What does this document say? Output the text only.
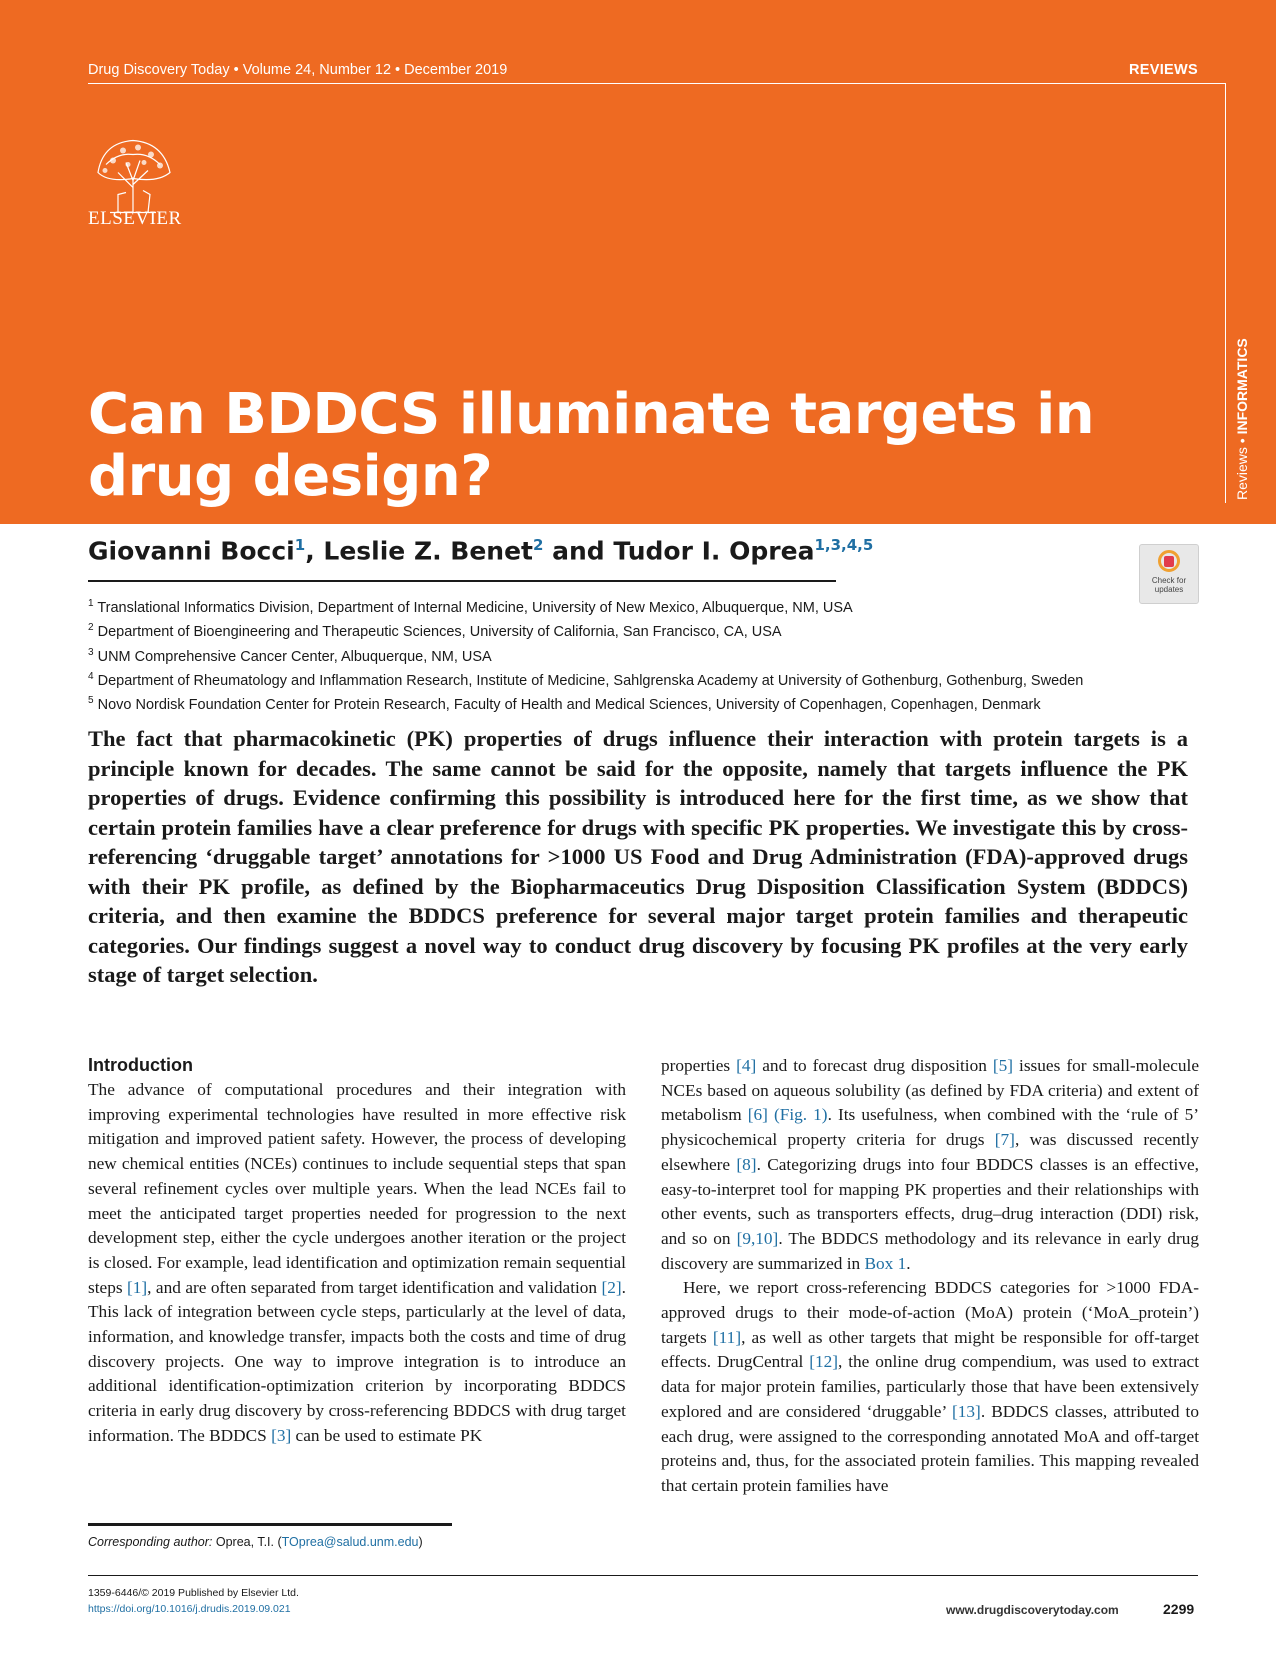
Drug Discovery Today • Volume 24, Number 12 • December 2019	REVIEWS
Reviews • INFORMATICS
ELSEVIER
Can BDDCS illuminate targets in drug design?
Giovanni Bocci$^1$, Leslie Z. Benet$^2$ and Tudor I. Oprea$^{1,3,4,5}$
Check for
updates
$^1$ Translational Informatics Division, Department of Internal Medicine, University of New Mexico, Albuquerque, NM, USA
$^2$ Department of Bioengineering and Therapeutic Sciences, University of California, San Francisco, CA, USA
$^3$ UNM Comprehensive Cancer Center, Albuquerque, NM, USA
$^4$ Department of Rheumatology and Inflammation Research, Institute of Medicine, Sahlgrenska Academy at University of Gothenburg, Gothenburg, Sweden
$^5$ Novo Nordisk Foundation Center for Protein Research, Faculty of Health and Medical Sciences, University of Copenhagen, Copenhagen, Denmark
The fact that pharmacokinetic (PK) properties of drugs influence their interaction with protein targets is a principle known for decades. The same cannot be said for the opposite, namely that targets influence the PK properties of drugs. Evidence confirming this possibility is introduced here for the first time, as we show that certain protein families have a clear preference for drugs with specific PK properties. We investigate this by cross-referencing ‘druggable target’ annotations for >1000 US Food and Drug Administration (FDA)-approved drugs with their PK profile, as defined by the Biopharmaceutics Drug Disposition Classification System (BDDCS) criteria, and then examine the BDDCS preference for several major target protein families and therapeutic categories. Our findings suggest a novel way to conduct drug discovery by focusing PK profiles at the very early stage of target selection.
Introduction

The advance of computational procedures and their integration with improving experimental technologies have resulted in more effective risk mitigation and improved patient safety. However, the process of developing new chemical entities (NCEs) continues to include sequential steps that span several refinement cycles over multiple years. When the lead NCEs fail to meet the anticipated target properties needed for progression to the next development step, either the cycle undergoes another iteration or the project is closed. For example, lead identification and optimization remain sequential steps [1], and are often separated from target identification and validation [2]. This lack of integration between cycle steps, particularly at the level of data, information, and knowledge transfer, impacts both the costs and time of drug discovery projects. One way to improve integration is to introduce an additional identification-optimization criterion by incorporating BDDCS criteria in early drug discovery by cross-referencing BDDCS with drug target information. The BDDCS [3] can be used to estimate PK

properties [4] and to forecast drug disposition [5] issues for small-molecule NCEs based on aqueous solubility (as defined by FDA criteria) and extent of metabolism [6] (Fig. 1). Its usefulness, when combined with the ‘rule of 5’ physicochemical property criteria for drugs [7], was discussed recently elsewhere [8]. Categorizing drugs into four BDDCS classes is an effective, easy-to-interpret tool for mapping PK properties and their relationships with other events, such as transporters effects, drug–drug interaction (DDI) risk, and so on [9,10]. The BDDCS methodology and its relevance in early drug discovery are summarized in Box 1.

Here, we report cross-referencing BDDCS categories for >1000 FDA-approved drugs to their mode-of-action (MoA) protein (‘MoA_protein’) targets [11], as well as other targets that might be responsible for off-target effects. DrugCentral [12], the online drug compendium, was used to extract data for major protein families, particularly those that have been extensively explored and are considered ‘druggable’ [13]. BDDCS classes, attributed to each drug, were assigned to the corresponding annotated MoA and off-target proteins and, thus, for the associated protein families. This mapping revealed that certain protein families have

Corresponding author: Oprea, T.I. (TOprea@salud.unm.edu)
1359-6446/© 2019 Published by Elsevier Ltd.
https://doi.org/10.1016/j.drudis.2019.09.021	www.drugdiscoverytoday.com	2299
